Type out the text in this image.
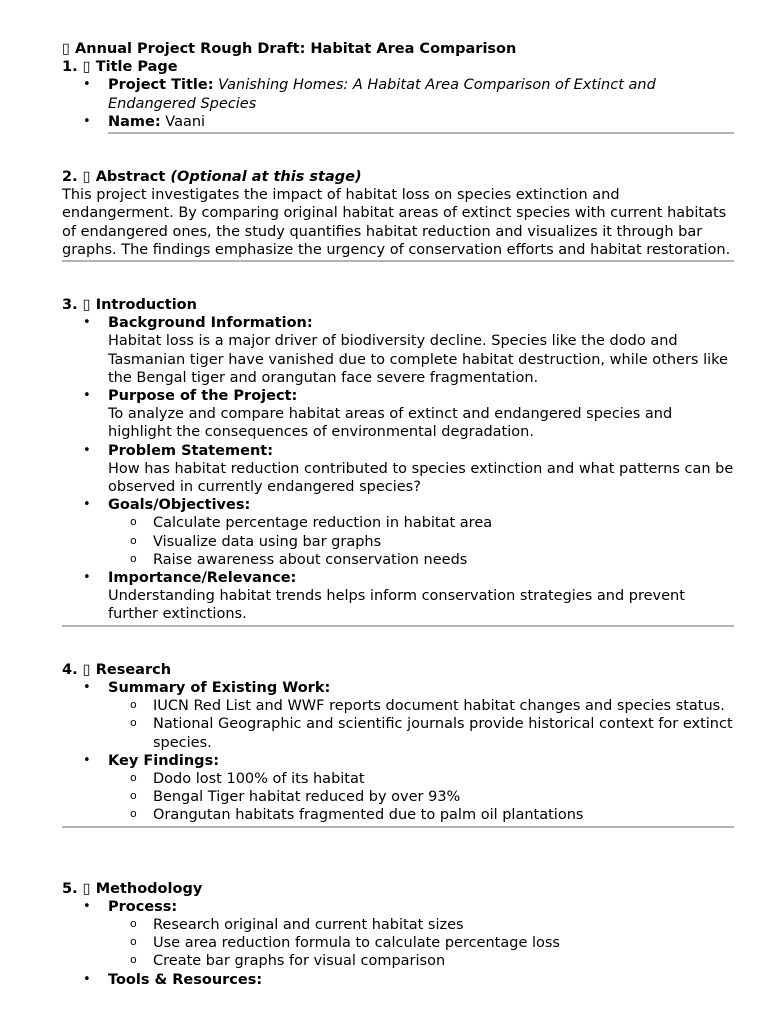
▯ Annual Project Rough Draft: Habitat Area Comparison
1. ▯ Title Page
• Project Title: Vanishing Homes: A Habitat Area Comparison of Extinct and Endangered Species
• Name: Vaani
2. ▯ Abstract (Optional at this stage)

This project investigates the impact of habitat loss on species extinction and endangerment. By comparing original habitat areas of extinct species with current habitats of endangered ones, the study quantifies habitat reduction and visualizes it through bar graphs. The findings emphasize the urgency of conservation efforts and habitat restoration.

3. ▯ Introduction
• Background Information:
Habitat loss is a major driver of biodiversity decline. Species like the dodo and Tasmanian tiger have vanished due to complete habitat destruction, while others like the Bengal tiger and orangutan face severe fragmentation.
• Purpose of the Project:
To analyze and compare habitat areas of extinct and endangered species and highlight the consequences of environmental degradation.
• Problem Statement:
How has habitat reduction contributed to species extinction and what patterns can be observed in currently endangered species?
• Goals/Objectives:
o Calculate percentage reduction in habitat area
o Visualize data using bar graphs
o Raise awareness about conservation needs
• Importance/Relevance:
Understanding habitat trends helps inform conservation strategies and prevent further extinctions.
4. ▯ Research
• Summary of Existing Work:
o IUCN Red List and WWF reports document habitat changes and species status.
o National Geographic and scientific journals provide historical context for extinct species.
• Key Findings:
o Dodo lost 100% of its habitat
o Bengal Tiger habitat reduced by over 93%
o Orangutan habitats fragmented due to palm oil plantations
5. ▯ Methodology
• Process:
o Research original and current habitat sizes
o Use area reduction formula to calculate percentage loss
o Create bar graphs for visual comparison
• Tools & Resources:
